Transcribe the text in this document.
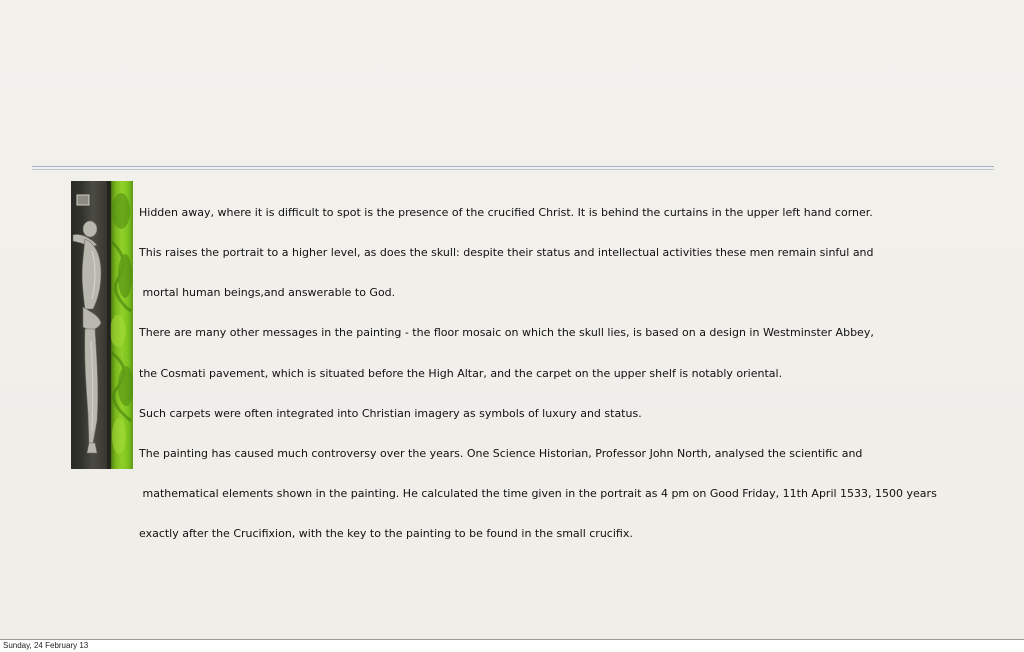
Hidden away, where it is difficult to spot is the presence of the crucified Christ. It is behind the curtains in the upper left hand corner.

This raises the portrait to a higher level, as does the skull: despite their status and intellectual activities these men remain sinful and

mortal human beings,and answerable to God.

There are many other messages in the painting - the floor mosaic on which the skull lies, is based on a design in Westminster Abbey,

the Cosmati pavement, which is situated before the High Altar, and the carpet on the upper shelf is notably oriental.

Such carpets were often integrated into Christian imagery as symbols of luxury and status.

The painting has caused much controversy over the years. One Science Historian, Professor John North, analysed the scientific and

mathematical elements shown in the painting. He calculated the time given in the portrait as 4 pm on Good Friday, 11th April 1533, 1500 years

exactly after the Crucifixion, with the key to the painting to be found in the small crucifix.

Sunday, 24 February 13
